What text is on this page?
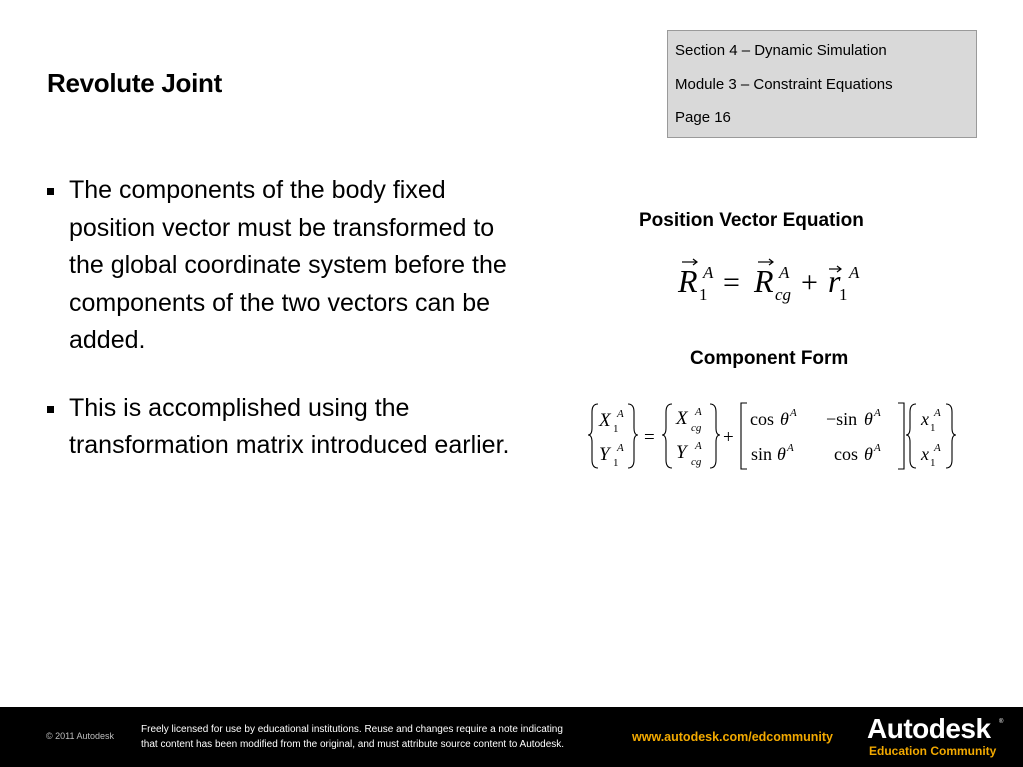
Revolute Joint
Section 4 – Dynamic Simulation
Module 3 – Constraint Equations
Page 16
The components of the body fixed position vector must be transformed to the global coordinate system before the components of the two vectors can be added.
This is accomplished using the transformation matrix introduced earlier.
Position Vector Equation
R 1
A = R cg
A + r
1
A
Component Form
X 1
A
Y 1
A =
X cg
A
Y cg
A +
cos θ A −sin θ A
sin θ A cos θ A
x 1
A
x 1
A
© 2011 Autodesk
Freely licensed for use by educational institutions. Reuse and changes require a note indicating
that content has been modified from the original, and must attribute source content to Autodesk.
www.autodesk.com/edcommunity Autodesk ®
Education Community
